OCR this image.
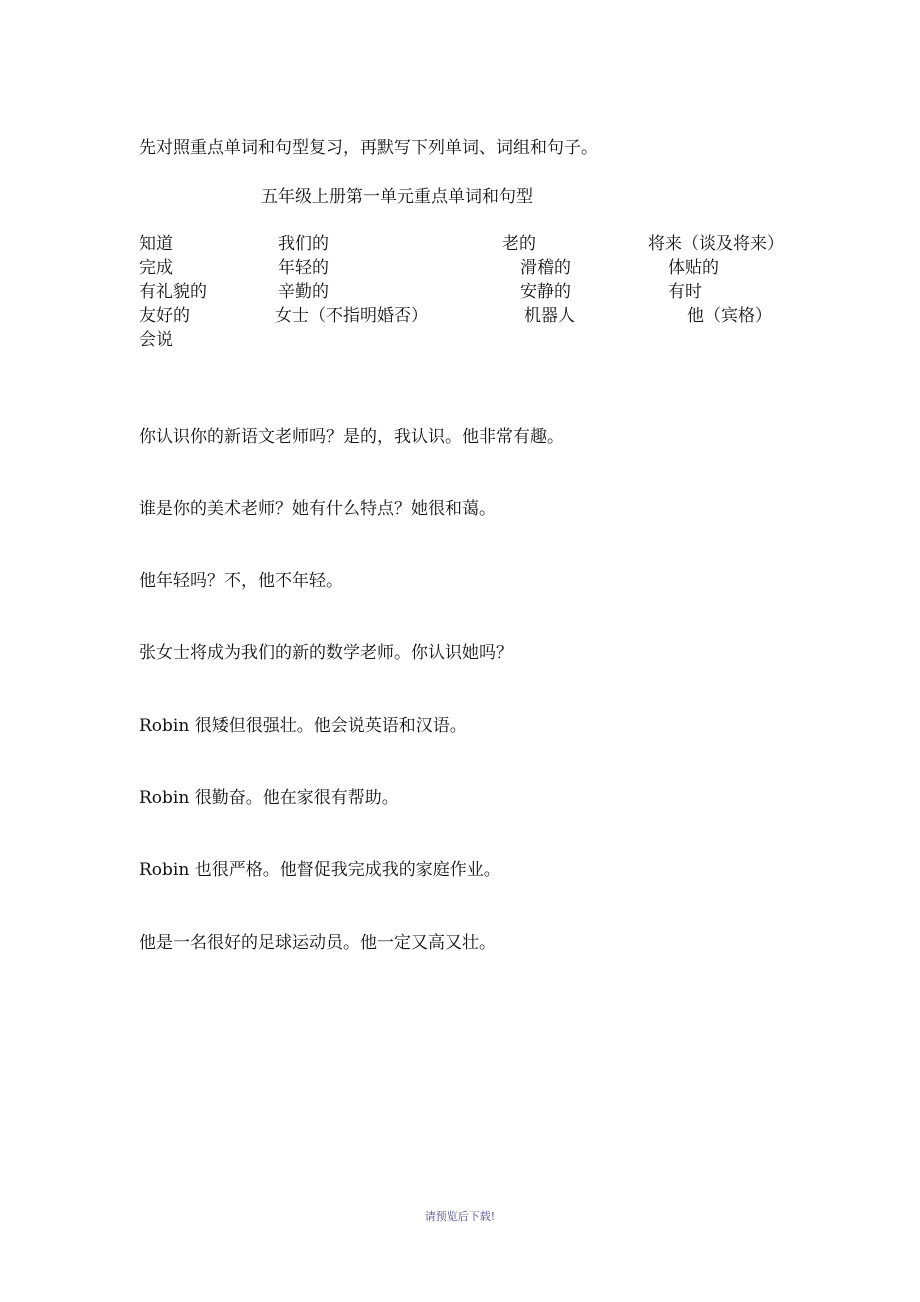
先对照重点单词和句型复习，再默写下列单词、词组和句子。
五年级上册第一单元重点单词和句型
知道	我们的	老的	将来（谈及将来）
完成	年轻的	滑稽的	体贴的
有礼貌的	辛勤的	安静的	有时
友好的	女士（不指明婚否）	机器人	他（宾格）
会说
你认识你的新语文老师吗？是的，我认识。他非常有趣。
谁是你的美术老师？她有什么特点？她很和蔼。
他年轻吗？不，他不年轻。
张女士将成为我们的新的数学老师。你认识她吗？
Robin 很矮但很强壮。他会说英语和汉语。
Robin 很勤奋。他在家很有帮助。
Robin 也很严格。他督促我完成我的家庭作业。
他是一名很好的足球运动员。他一定又高又壮。
请预览后下载!
